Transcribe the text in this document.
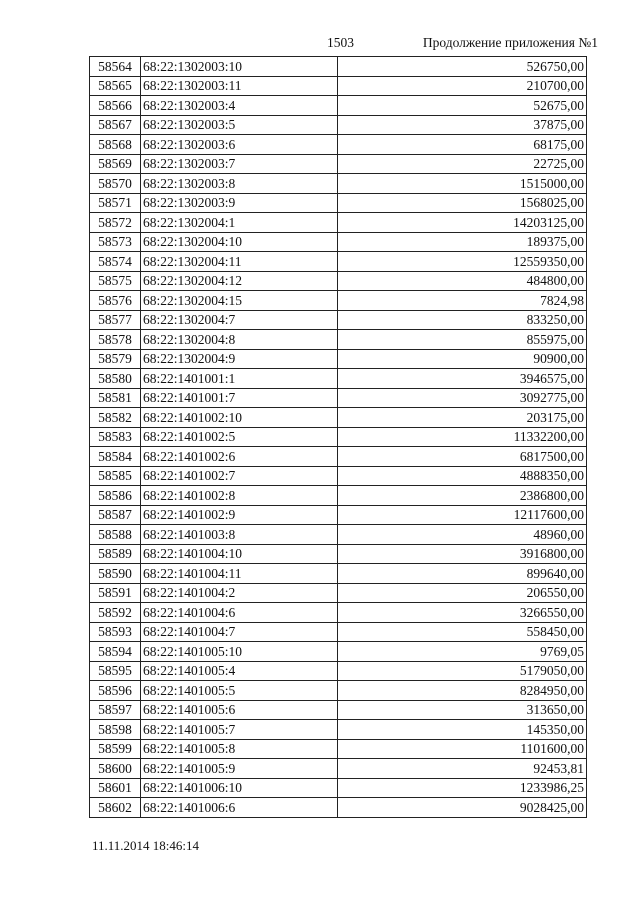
1503	Продолжение приложения №1
58564	68:22:1302003:10	526750,00
58565	68:22:1302003:11	210700,00
58566	68:22:1302003:4	52675,00
58567	68:22:1302003:5	37875,00
58568	68:22:1302003:6	68175,00
58569	68:22:1302003:7	22725,00
58570	68:22:1302003:8	1515000,00
58571	68:22:1302003:9	1568025,00
58572	68:22:1302004:1	14203125,00
58573	68:22:1302004:10	189375,00
58574	68:22:1302004:11	12559350,00
58575	68:22:1302004:12	484800,00
58576	68:22:1302004:15	7824,98
58577	68:22:1302004:7	833250,00
58578	68:22:1302004:8	855975,00
58579	68:22:1302004:9	90900,00
58580	68:22:1401001:1	3946575,00
58581	68:22:1401001:7	3092775,00
58582	68:22:1401002:10	203175,00
58583	68:22:1401002:5	11332200,00
58584	68:22:1401002:6	6817500,00
58585	68:22:1401002:7	4888350,00
58586	68:22:1401002:8	2386800,00
58587	68:22:1401002:9	12117600,00
58588	68:22:1401003:8	48960,00
58589	68:22:1401004:10	3916800,00
58590	68:22:1401004:11	899640,00
58591	68:22:1401004:2	206550,00
58592	68:22:1401004:6	3266550,00
58593	68:22:1401004:7	558450,00
58594	68:22:1401005:10	9769,05
58595	68:22:1401005:4	5179050,00
58596	68:22:1401005:5	8284950,00
58597	68:22:1401005:6	313650,00
58598	68:22:1401005:7	145350,00
58599	68:22:1401005:8	1101600,00
58600	68:22:1401005:9	92453,81
58601	68:22:1401006:10	1233986,25
58602	68:22:1401006:6	9028425,00
11.11.2014 18:46:14
